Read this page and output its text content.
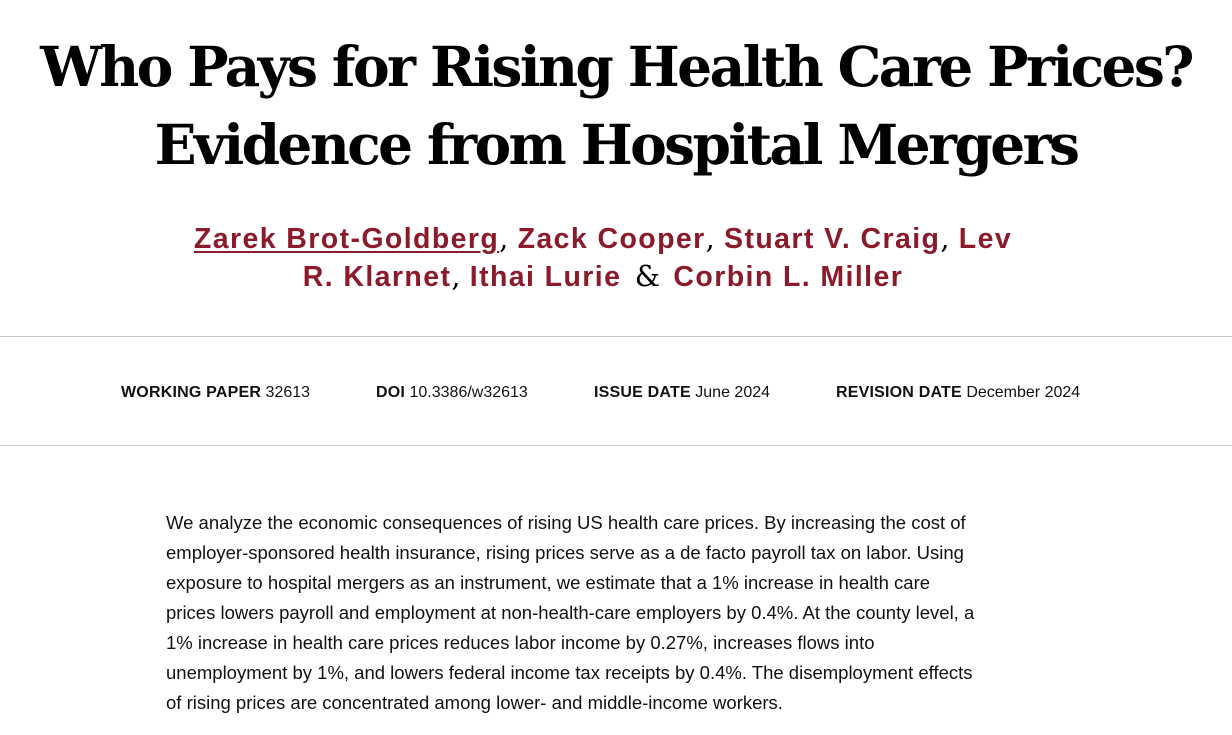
Who Pays for Rising Health Care Prices?
Evidence from Hospital Mergers
Zarek Brot-Goldberg, Zack Cooper, Stuart V. Craig, Lev
R. Klarnet, Ithai Lurie & Corbin L. Miller
WORKING PAPER 32613	DOI 10.3386/w32613	ISSUE DATE June 2024	REVISION DATE December 2024

We analyze the economic consequences of rising US health care prices. By increasing the cost of
employer-sponsored health insurance, rising prices serve as a de facto payroll tax on labor. Using
exposure to hospital mergers as an instrument, we estimate that a 1% increase in health care
prices lowers payroll and employment at non-health-care employers by 0.4%. At the county level, a
1% increase in health care prices reduces labor income by 0.27%, increases flows into
unemployment by 1%, and lowers federal income tax receipts by 0.4%. The disemployment effects
of rising prices are concentrated among lower- and middle-income workers.
